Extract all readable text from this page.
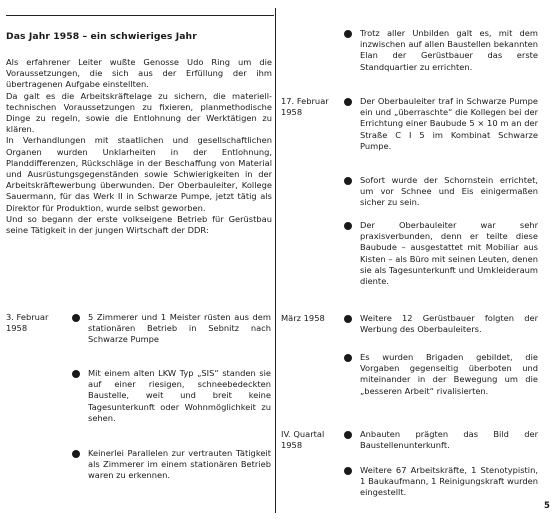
Das Jahr 1958 – ein schwieriges Jahr

Als erfahrener Leiter wußte Genosse Udo Ring um die Voraussetzungen, die sich aus der Erfüllung der ihm übertragenen Aufgabe einstellten.

Da galt es die Arbeitskräftelage zu sichern, die materiell-technischen Voraussetzungen zu fixieren, planmethodische Dinge zu regeln, sowie die Entlohnung der Werktätigen zu klären.

In Verhandlungen mit staatlichen und gesellschaftlichen Organen wurden Unklarheiten in der Entlohnung, Planddifferenzen, Rückschläge in der Beschaffung von Material und Ausrüstungsgegenständen sowie Schwierigkeiten in der Arbeitskräftewerbung überwunden. Der Oberbauleiter, Kollege Sauermann, für das Werk II in Schwarze Pumpe, jetzt tätig als Direktor für Produktion, wurde selbst geworben.

Und so begann der erste volkseigene Betrieb für Gerüstbau seine Tätigkeit in der jungen Wirtschaft der DDR:

3. Februar 1958
5 Zimmerer und 1 Meister rüsten aus dem stationären Betrieb in Sebnitz nach Schwarze Pumpe
Mit einem alten LKW Typ „SIS“ standen sie auf einer riesigen, schneebedeckten Baustelle, weit und breit keine Tagesunterkunft oder Wohnmöglichkeit zu sehen.
Keinerlei Parallelen zur vertrauten Tätigkeit als Zimmerer im einem stationären Betrieb waren zu erkennen.
Trotz aller Unbilden galt es, mit dem inzwischen auf allen Baustellen bekannten Elan der Gerüstbauer das erste Standquartier zu errichten.
17. Februar 1958
Der Oberbauleiter traf in Schwarze Pumpe ein und „überraschte“ die Kollegen bei der Errichtung einer Baubude 5 × 10 m an der Straße C I 5 im Kombinat Schwarze Pumpe.
Sofort wurde der Schornstein errichtet, um vor Schnee und Eis einigermaßen sicher zu sein.
Der Oberbauleiter war sehr praxisverbunden, denn er teilte diese Baubude – ausgestattet mit Mobiliar aus Kisten – als Büro mit seinen Leuten, denen sie als Tagesunterkunft und Umkleideraum diente.
März 1958	Weitere 12 Gerüstbauer folgten der Werbung des Oberbauleiters.
Es wurden Brigaden gebildet, die Vorgaben gegenseitig überboten und miteinander in der Bewegung um die „besseren Arbeit“ rivalisierten.
IV. Quartal 1958
Anbauten prägten das Bild der Baustellenunterkunft.
Weitere 67 Arbeitskräfte, 1 Stenotypistin, 1 Baukaufmann, 1 Reinigungskraft wurden eingestellt.
5
